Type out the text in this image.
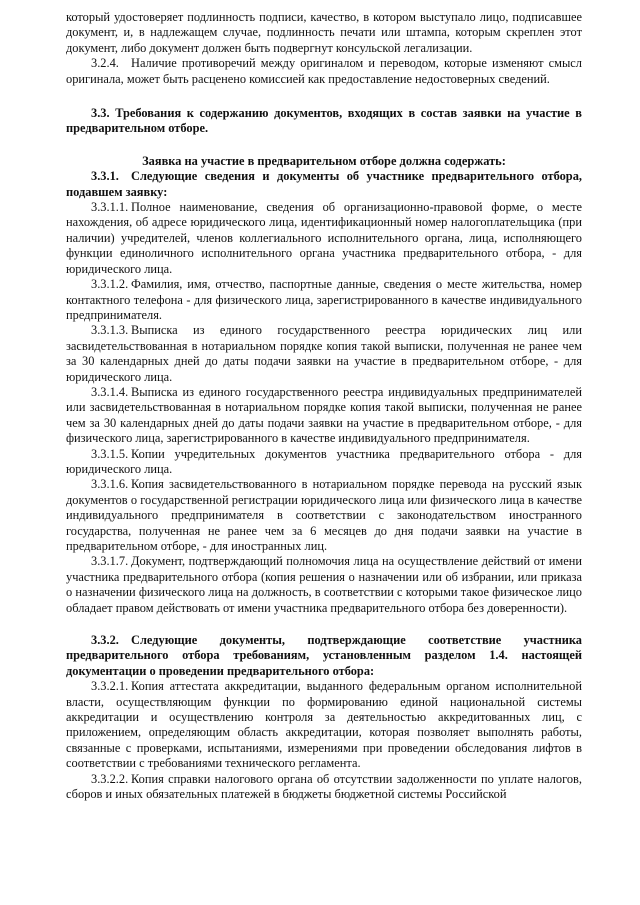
который удостоверяет подлинность подписи, качество, в котором выступало лицо, подписавшее документ, и, в надлежащем случае, подлинность печати или штампа, которым скреплен этот документ, либо документ должен быть подвергнут консульской легализации.

3.2.4. Наличие противоречий между оригиналом и переводом, которые изменяют смысл оригинала, может быть расценено комиссией как предоставление недостоверных сведений.

3.3. Требования к содержанию документов, входящих в состав заявки на участие в предварительном отборе.

Заявка на участие в предварительном отборе должна содержать:

3.3.1. Следующие сведения и документы об участнике предварительного отбора, подавшем заявку:

3.3.1.1. Полное наименование, сведения об организационно-правовой форме, о месте нахождения, об адресе юридического лица, идентификационный номер налогоплательщика (при наличии) учредителей, членов коллегиального исполнительного органа, лица, исполняющего функции единоличного исполнительного органа участника предварительного отбора, - для юридического лица.

3.3.1.2. Фамилия, имя, отчество, паспортные данные, сведения о месте жительства, номер контактного телефона - для физического лица, зарегистрированного в качестве индивидуального предпринимателя.

3.3.1.3. Выписка из единого государственного реестра юридических лиц или засвидетельствованная в нотариальном порядке копия такой выписки, полученная не ранее чем за 30 календарных дней до даты подачи заявки на участие в предварительном отборе, - для юридического лица.

3.3.1.4. Выписка из единого государственного реестра индивидуальных предпринимателей или засвидетельствованная в нотариальном порядке копия такой выписки, полученная не ранее чем за 30 календарных дней до даты подачи заявки на участие в предварительном отборе, - для физического лица, зарегистрированного в качестве индивидуального предпринимателя.

3.3.1.5. Копии учредительных документов участника предварительного отбора - для юридического лица.

3.3.1.6. Копия засвидетельствованного в нотариальном порядке перевода на русский язык документов о государственной регистрации юридического лица или физического лица в качестве индивидуального предпринимателя в соответствии с законодательством иностранного государства, полученная не ранее чем за 6 месяцев до дня подачи заявки на участие в предварительном отборе, - для иностранных лиц.

3.3.1.7. Документ, подтверждающий полномочия лица на осуществление действий от имени участника предварительного отбора (копия решения о назначении или об избрании, или приказа о назначении физического лица на должность, в соответствии с которыми такое физическое лицо обладает правом действовать от имени участника предварительного отбора без доверенности).

3.3.2. Следующие документы, подтверждающие соответствие участника предварительного отбора требованиям, установленным разделом 1.4. настоящей документации о проведении предварительного отбора:

3.3.2.1. Копия аттестата аккредитации, выданного федеральным органом исполнительной власти, осуществляющим функции по формированию единой национальной системы аккредитации и осуществлению контроля за деятельностью аккредитованных лиц, с приложением, определяющим область аккредитации, которая позволяет выполнять работы, связанные с проверками, испытаниями, измерениями при проведении обследования лифтов в соответствии с требованиями технического регламента.

3.3.2.2. Копия справки налогового органа об отсутствии задолженности по уплате налогов, сборов и иных обязательных платежей в бюджеты бюджетной системы Российской
